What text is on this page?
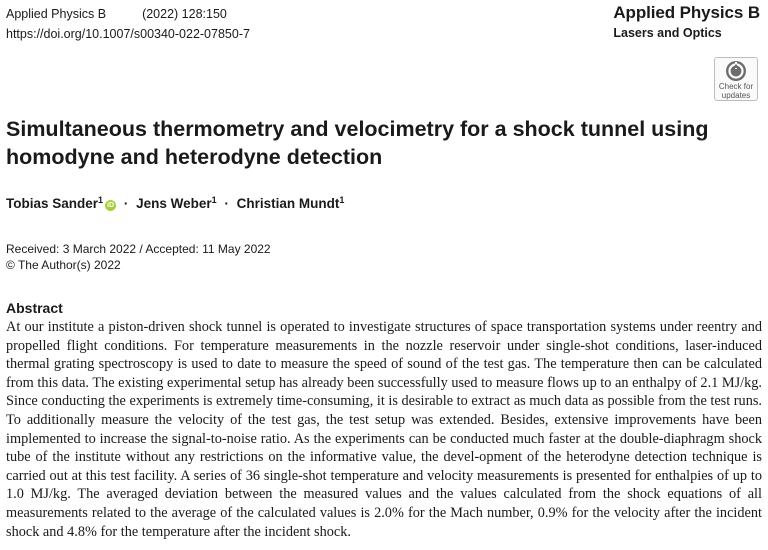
Applied Physics B	(2022) 128:150
https://doi.org/10.1007/s00340-022-07850-7
Applied Physics B
Lasers and Optics
Check for
updates
Simultaneous thermometry and velocimetry for a shock tunnel using homodyne and heterodyne detection
Tobias Sander$^1$iD · Jens Weber$^1$ · Christian Mundt$^1$
Received: 3 March 2022 / Accepted: 11 May 2022
© The Author(s) 2022
Abstract
At our institute a piston-driven shock tunnel is operated to investigate structures of space transportation systems under reentry and propelled flight conditions. For temperature measurements in the nozzle reservoir under single-shot conditions, laser-induced thermal grating spectroscopy is used to date to measure the speed of sound of the test gas. The temperature then can be calculated from this data. The existing experimental setup has already been successfully used to measure flows up to an enthalpy of 2.1 MJ/kg. Since conducting the experiments is extremely time-consuming, it is desirable to extract as much data as possible from the test runs. To additionally measure the velocity of the test gas, the test setup was extended. Besides, extensive improvements have been implemented to increase the signal-to-noise ratio. As the experiments can be conducted much faster at the double-diaphragm shock tube of the institute without any restrictions on the informative value, the devel-opment of the heterodyne detection technique is carried out at this test facility. A series of 36 single-shot temperature and velocity measurements is presented for enthalpies of up to 1.0 MJ/kg. The averaged deviation between the measured values and the values calculated from the shock equations of all measurements related to the average of the calculated values is 2.0% for the Mach number, 0.9% for the velocity after the incident shock and 4.8% for the temperature after the incident shock.
